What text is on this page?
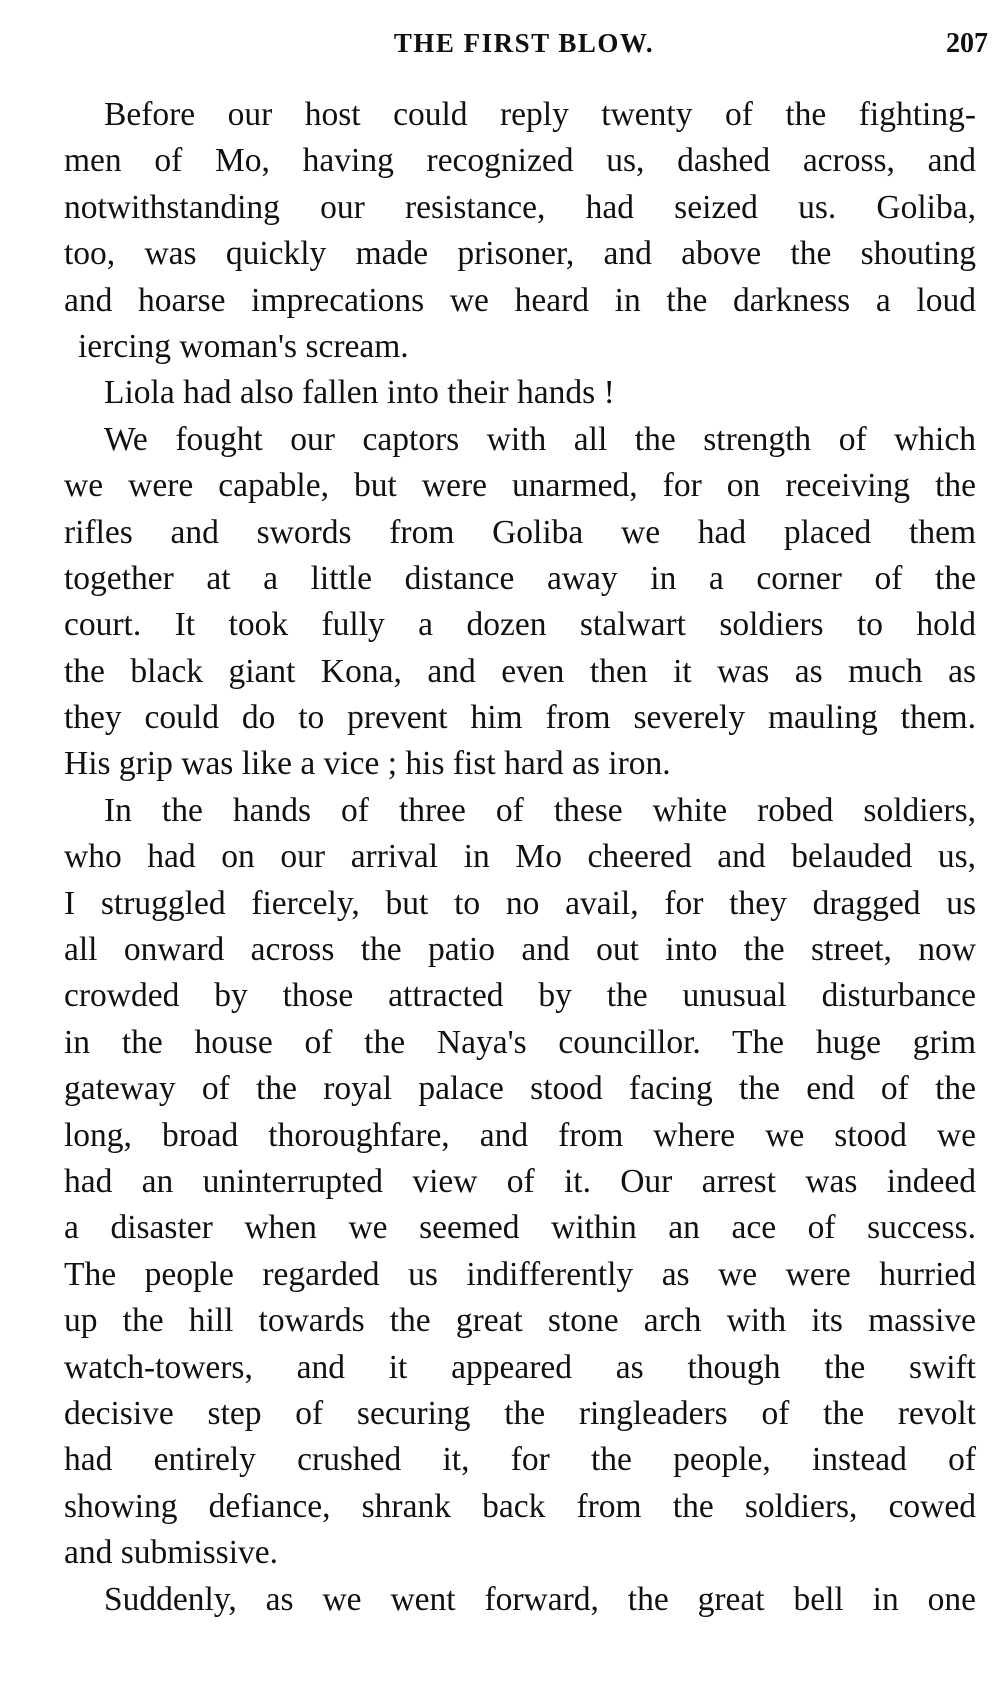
THE FIRST BLOW.	207
Before our host could reply twenty of the fighting-
men of Mo, having recognized us, dashed across, and
notwithstanding our resistance, had seized us. Goliba,
too, was quickly made prisoner, and above the shouting
and hoarse imprecations we heard in the darkness a loud
iercing woman's scream.
Liola had also fallen into their hands !
We fought our captors with all the strength of which
we were capable, but were unarmed, for on receiving the
rifles and swords from Goliba we had placed them
together at a little distance away in a corner of the
court. It took fully a dozen stalwart soldiers to hold
the black giant Kona, and even then it was as much as
they could do to prevent him from severely mauling them.
His grip was like a vice ; his fist hard as iron.
In the hands of three of these white robed soldiers,
who had on our arrival in Mo cheered and belauded us,
I struggled fiercely, but to no avail, for they dragged us
all onward across the patio and out into the street, now
crowded by those attracted by the unusual disturbance
in the house of the Naya's councillor. The huge grim
gateway of the royal palace stood facing the end of the
long, broad thoroughfare, and from where we stood we
had an uninterrupted view of it. Our arrest was indeed
a disaster when we seemed within an ace of success.
The people regarded us indifferently as we were hurried
up the hill towards the great stone arch with its massive
watch-towers, and it appeared as though the swift
decisive step of securing the ringleaders of the revolt
had entirely crushed it, for the people, instead of
showing defiance, shrank back from the soldiers, cowed
and submissive.
Suddenly, as we went forward, the great bell in one
